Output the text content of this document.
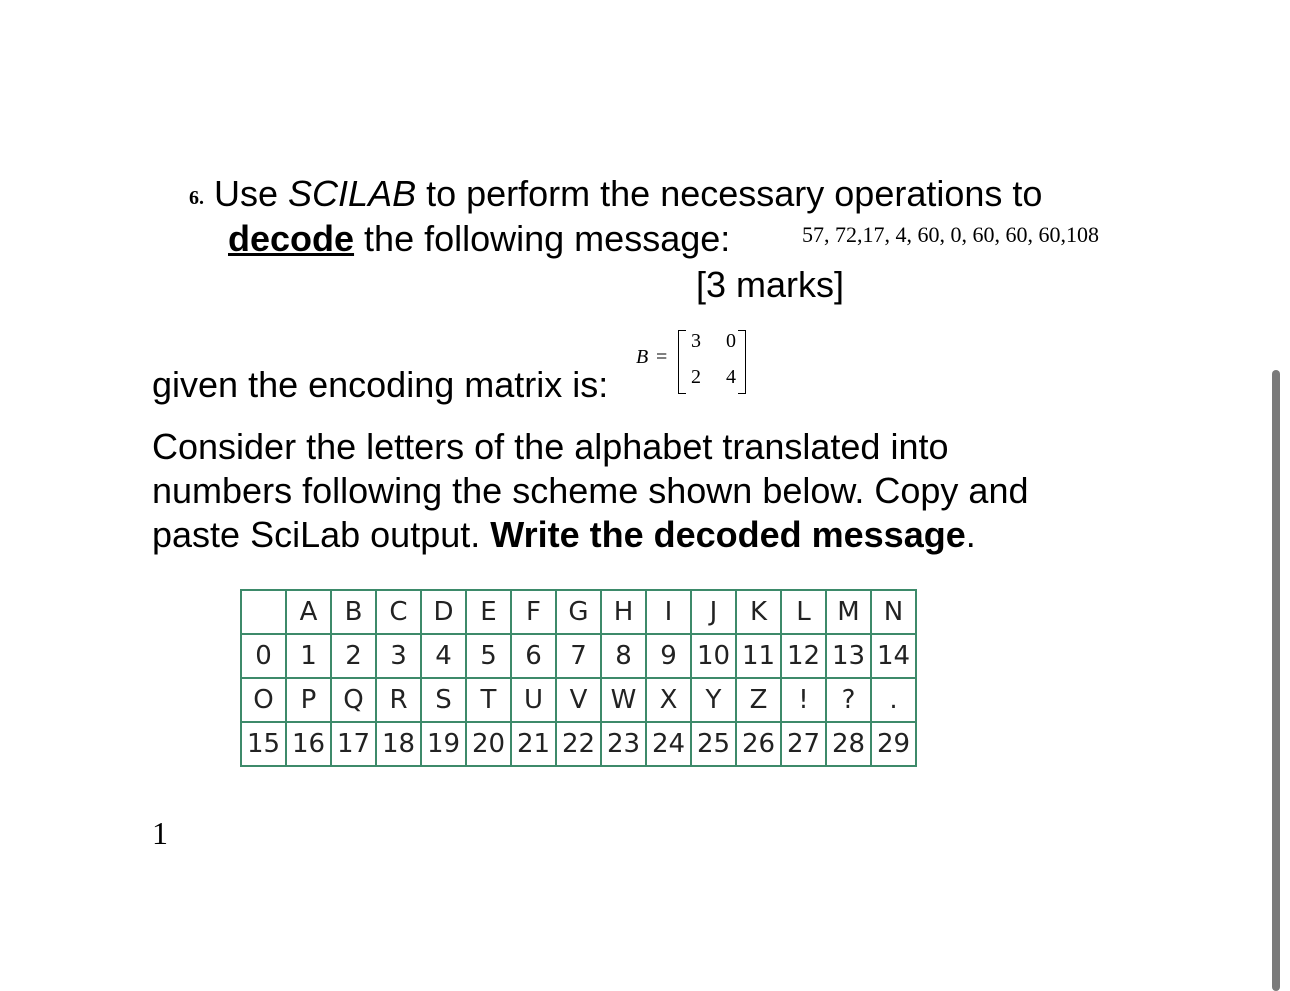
6. Use SCILAB to perform the necessary operations to
decode the following message:	57, 72,17, 4, 60, 0, 60, 60, 60,108
[3 marks]
B =
3 0
2 4
given the encoding matrix is:
Consider the letters of the alphabet translated into
numbers following the scheme shown below. Copy and
paste SciLab output. Write the decoded message.
	A	B	C	D	E	F	G	H	I	J	K	L	M	N
0	1	2	3	4	5	6	7	8	9	10	11	12	13	14
O	P	Q	R	S	T	U	V	W	X	Y	Z	!	?	.
15	16	17	18	19	20	21	22	23	24	25	26	27	28	29
1
